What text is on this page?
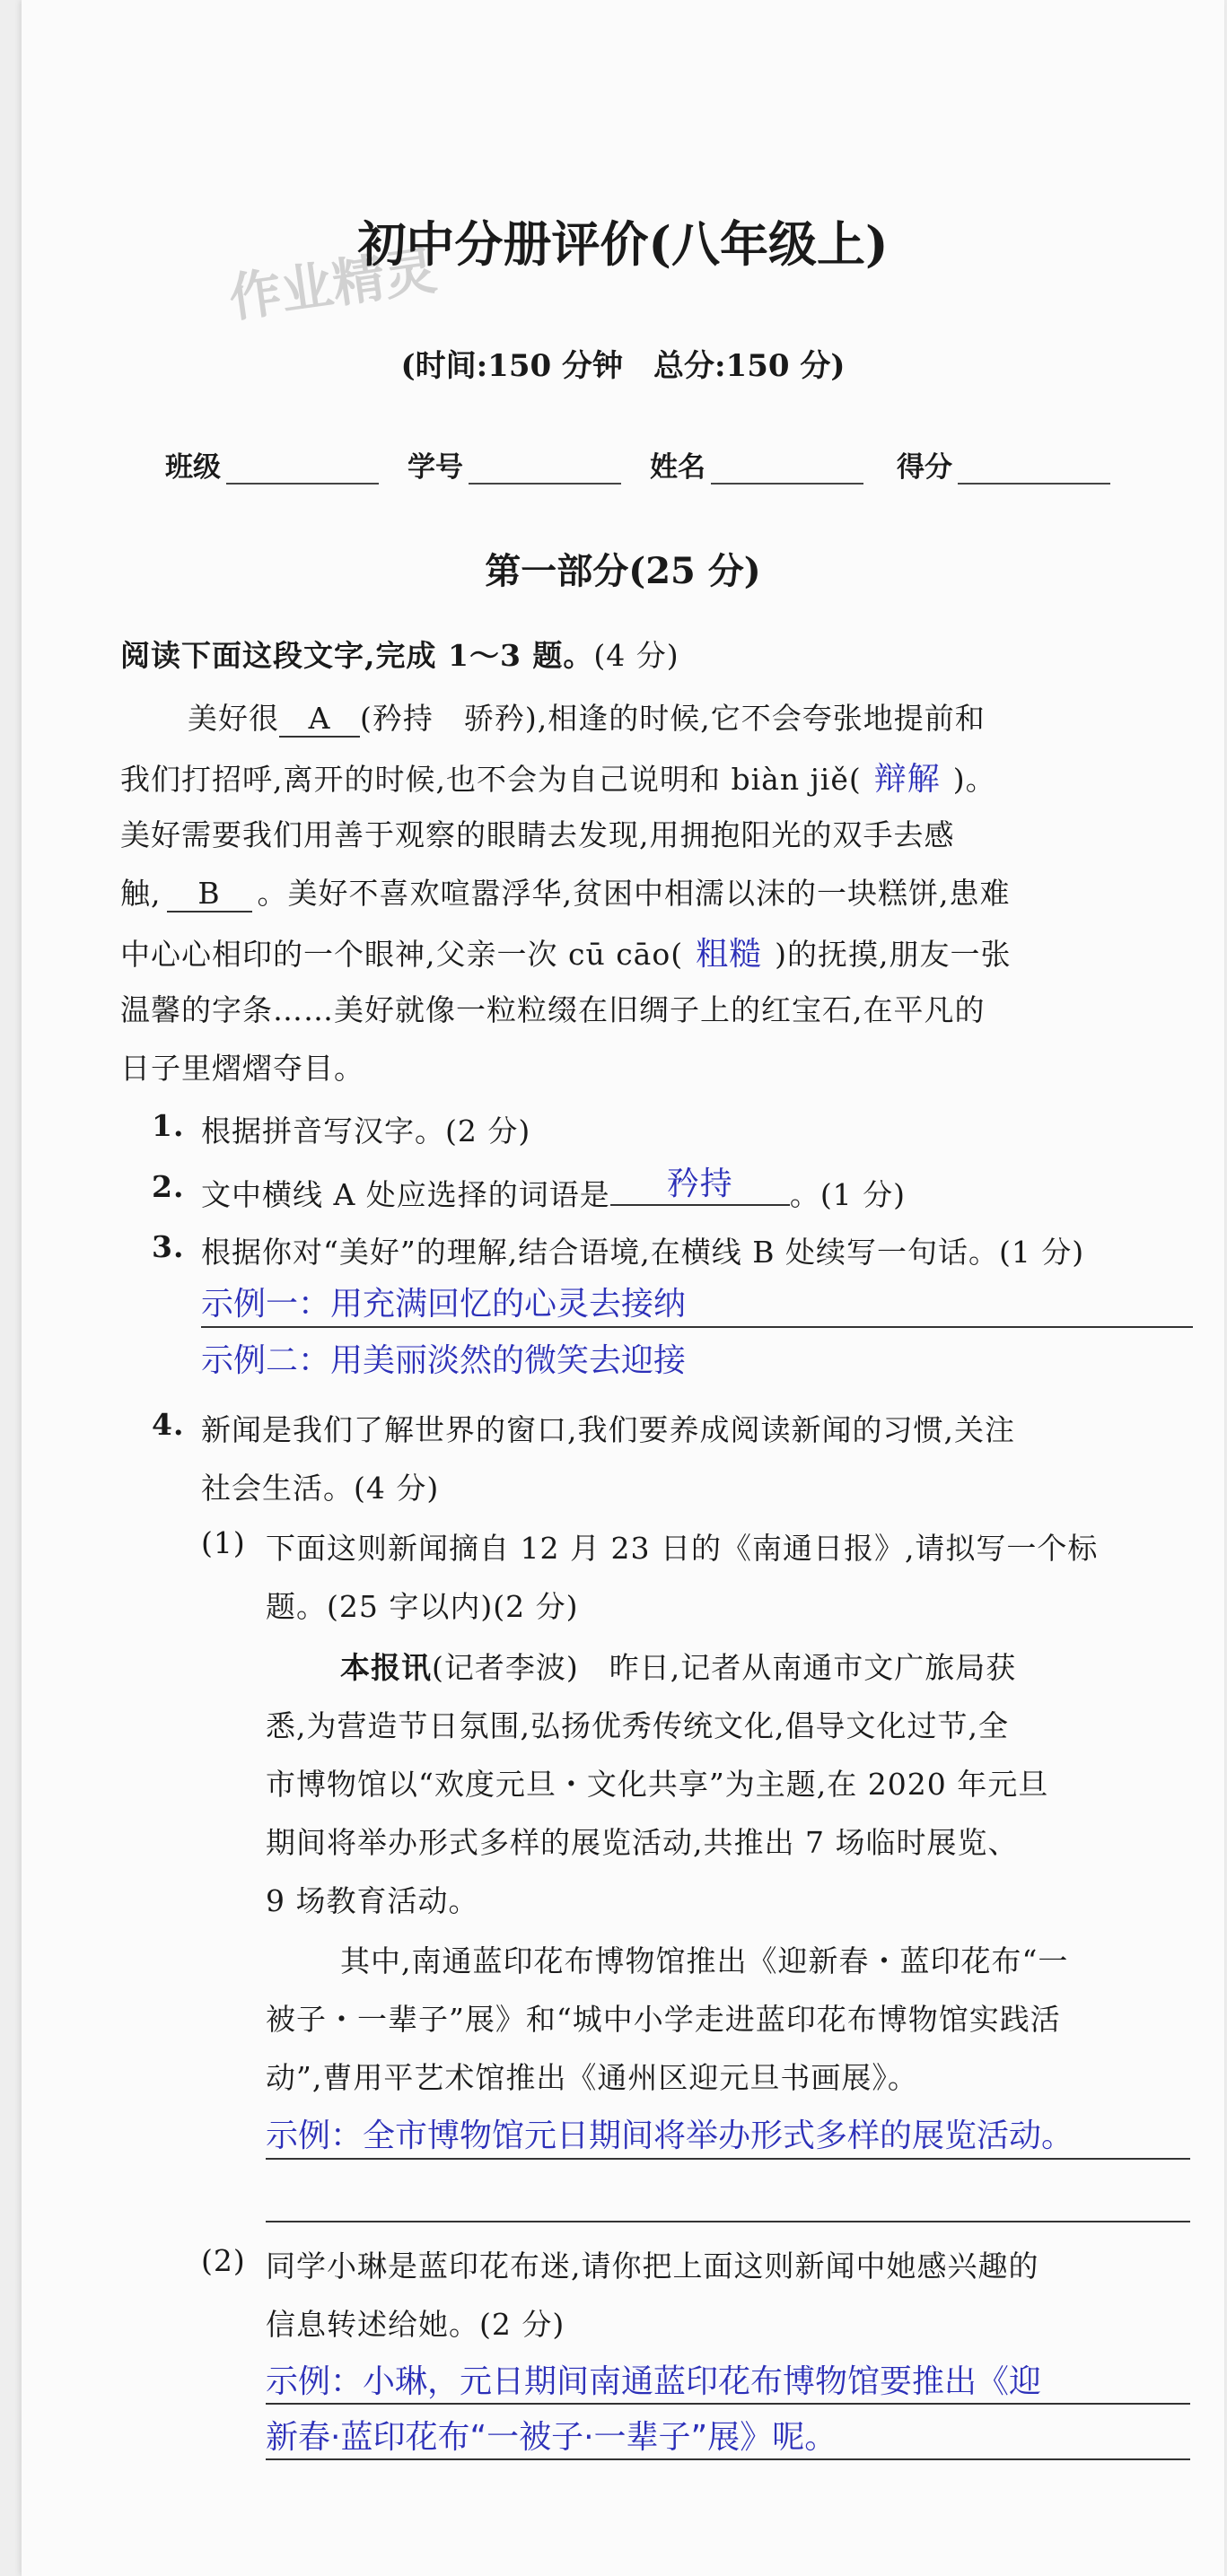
作业精灵
初中分册评价(八年级上)
(时间:150 分钟　总分:150 分)
班级	学号	姓名	得分
第一部分(25 分)
阅读下面这段文字,完成 1～3 题。(4 分)
美好很 A (矜持　骄矜),相逢的时候,它不会夸张地提前和
我们打招呼,离开的时候,也不会为自己说明和 biàn jiě( 辩解 )。
美好需要我们用善于观察的眼睛去发现,用拥抱阳光的双手去感
触, B 。美好不喜欢喧嚣浮华,贫困中相濡以沫的一块糕饼,患难
中心心相印的一个眼神,父亲一次 cū cāo( 粗糙 )的抚摸,朋友一张
温馨的字条……美好就像一粒粒缀在旧绸子上的红宝石,在平凡的
日子里熠熠夺目。
1. 根据拼音写汉字。(2 分)
2. 文中横线 A 处应选择的词语是 矜持 。(1 分)
3. 根据你对“美好”的理解,结合语境,在横线 B 处续写一句话。(1 分)
示例一：用充满回忆的心灵去接纳
示例二：用美丽淡然的微笑去迎接
4. 新闻是我们了解世界的窗口,我们要养成阅读新闻的习惯,关注
社会生活。(4 分)
(1) 下面这则新闻摘自 12 月 23 日的《南通日报》,请拟写一个标
题。(25 字以内)(2 分)
本报讯(记者李波)　昨日,记者从南通市文广旅局获
悉,为营造节日氛围,弘扬优秀传统文化,倡导文化过节,全
市博物馆以“欢度元旦・文化共享”为主题,在 2020 年元旦
期间将举办形式多样的展览活动,共推出 7 场临时展览、
9 场教育活动。
其中,南通蓝印花布博物馆推出《迎新春・蓝印花布“一
被子・一辈子”展》和“城中小学走进蓝印花布博物馆实践活
动”,曹用平艺术馆推出《通州区迎元旦书画展》。
示例：全市博物馆元日期间将举办形式多样的展览活动。
(2) 同学小琳是蓝印花布迷,请你把上面这则新闻中她感兴趣的
信息转述给她。(2 分)
示例：小琳，元日期间南通蓝印花布博物馆要推出《迎
新春·蓝印花布“一被子·一辈子”展》呢。
